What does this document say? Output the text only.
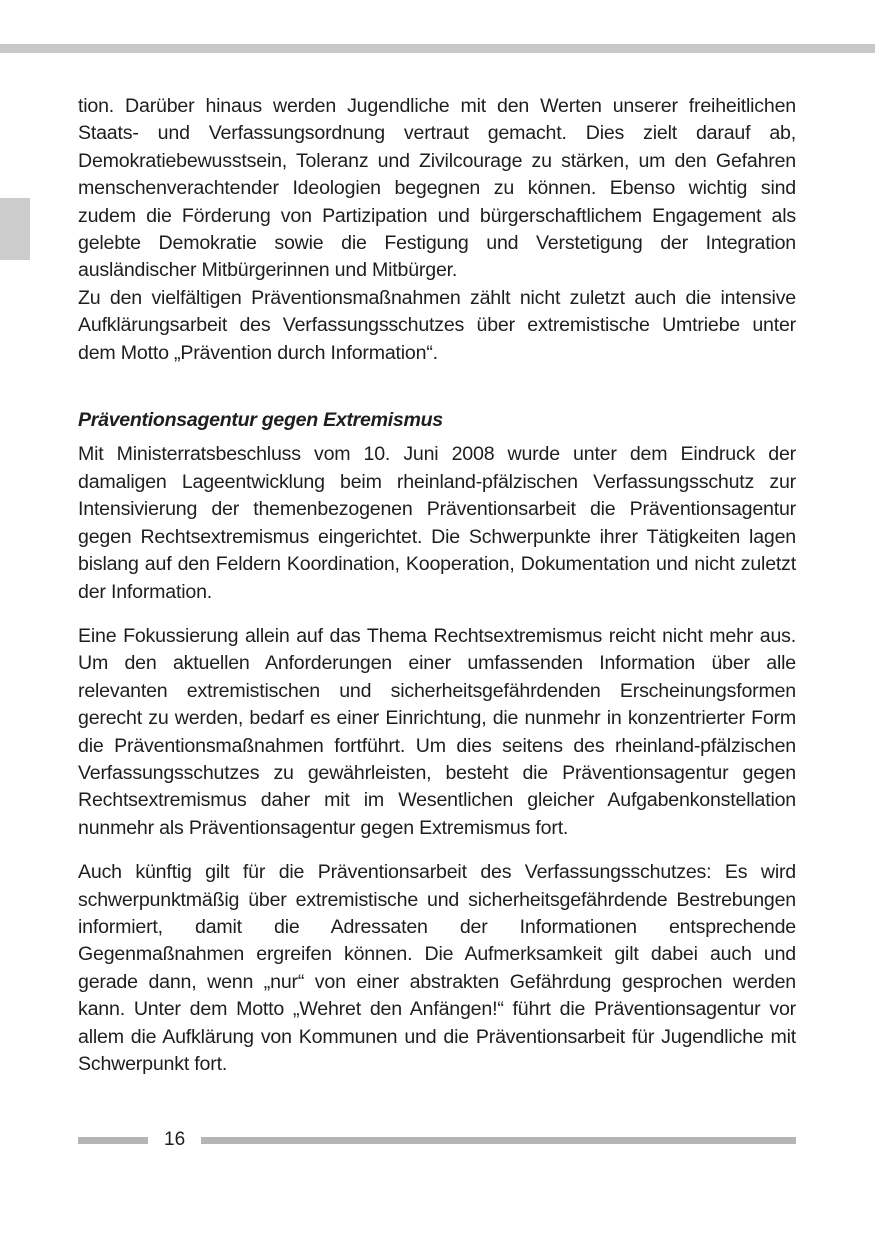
tion. Darüber hinaus werden Jugendliche mit den Werten unserer freiheitlichen Staats- und Verfassungsordnung vertraut gemacht. Dies zielt darauf ab, Demokratiebewusstsein, Toleranz und Zivilcourage zu stärken, um den Gefahren menschenverachtender Ideologien begegnen zu können. Ebenso wichtig sind zudem die Förderung von Partizipation und bürgerschaftlichem Engagement als gelebte Demokratie sowie die Festigung und Verstetigung der Integration ausländischer Mitbürgerinnen und Mitbürger.

Zu den vielfältigen Präventionsmaßnahmen zählt nicht zuletzt auch die intensive Aufklärungsarbeit des Verfassungsschutzes über extremistische Umtriebe unter dem Motto „Prävention durch Information“.

Präventionsagentur gegen Extremismus

Mit Ministerratsbeschluss vom 10. Juni 2008 wurde unter dem Eindruck der damaligen Lageentwicklung beim rheinland-pfälzischen Verfassungsschutz zur Intensivierung der themenbezogenen Präventionsarbeit die Präventionsagentur gegen Rechtsextremismus eingerichtet. Die Schwerpunkte ihrer Tätigkeiten lagen bislang auf den Feldern Koordination, Kooperation, Dokumentation und nicht zuletzt der Information.

Eine Fokussierung allein auf das Thema Rechtsextremismus reicht nicht mehr aus. Um den aktuellen Anforderungen einer umfassenden Information über alle relevanten extremistischen und sicherheitsgefährdenden Erscheinungsformen gerecht zu werden, bedarf es einer Einrichtung, die nunmehr in konzentrierter Form die Präventionsmaßnahmen fortführt. Um dies seitens des rheinland-pfälzischen Verfassungsschutzes zu gewährleisten, besteht die Präventionsagentur gegen Rechtsextremismus daher mit im Wesentlichen gleicher Aufgabenkonstellation nunmehr als Präventionsagentur gegen Extremismus fort.

Auch künftig gilt für die Präventionsarbeit des Verfassungsschutzes: Es wird schwerpunktmäßig über extremistische und sicherheitsgefährdende Bestrebungen informiert, damit die Adressaten der Informationen entsprechende Gegenmaßnahmen ergreifen können. Die Aufmerksamkeit gilt dabei auch und gerade dann, wenn „nur“ von einer abstrakten Gefährdung gesprochen werden kann. Unter dem Motto „Wehret den Anfängen!“ führt die Präventionsagentur vor allem die Aufklärung von Kommunen und die Präventionsarbeit für Jugendliche mit Schwerpunkt fort.

16
